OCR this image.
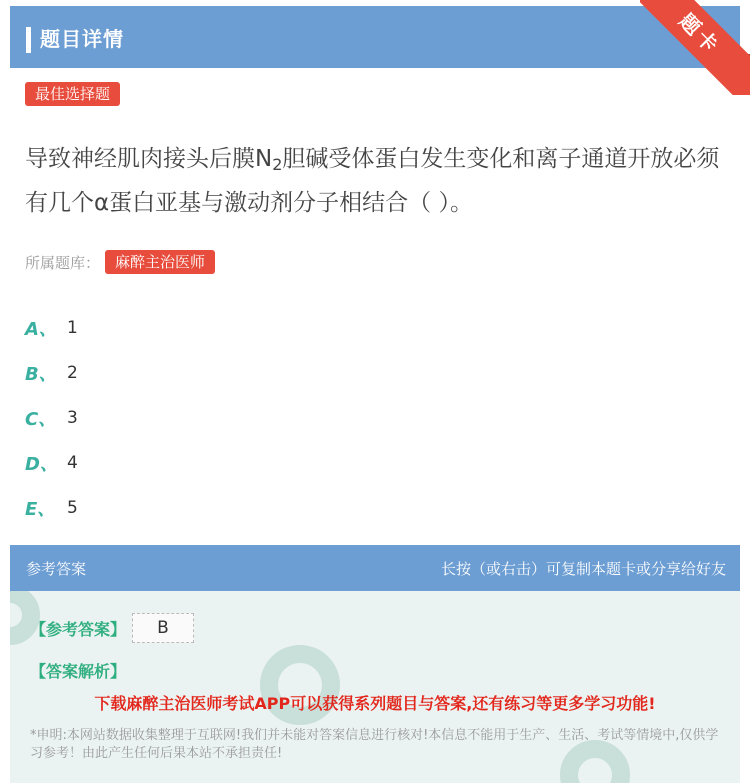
题目详情	题卡
最佳选择题
导致神经肌肉接头后膜$N_2$胆碱受体蛋白发生变化和离子通道开放必须有几个α蛋白亚基与激动剂分子相结合（ ）。
所属题库： 麻醉主治医师
A、 1
B、 2
C、 3
D、 4
E、 5
参考答案	长按（或右击）可复制本题卡或分享给好友
【参考答案】	B
【答案解析】
下载麻醉主治医师考试APP可以获得系列题目与答案,还有练习等更多学习功能!
*申明:本网站数据收集整理于互联网!我们并未能对答案信息进行核对!本信息不能用于生产、生活、考试等情境中,仅供学习参考！由此产生任何后果本站不承担责任!
